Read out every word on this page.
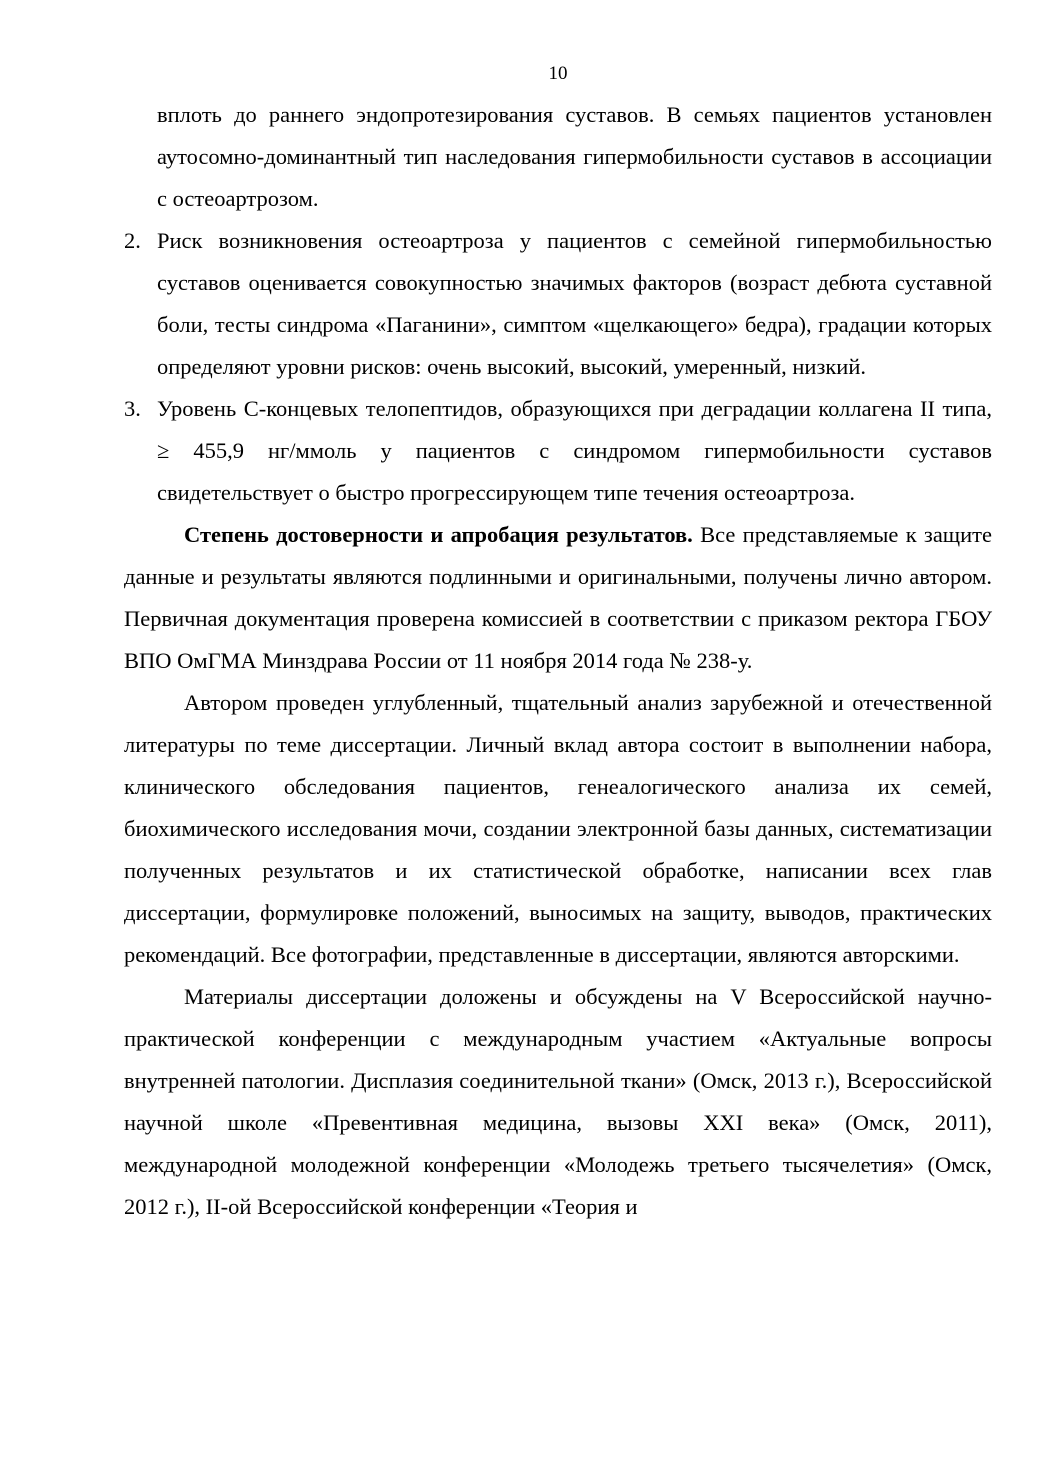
10

вплоть до раннего эндопротезирования суставов. В семьях пациентов установлен аутосомно-доминантный тип наследования гипермобильности суставов в ассоциации с остеоартрозом.

2. Риск возникновения остеоартроза у пациентов с семейной гипермобильностью суставов оценивается совокупностью значимых факторов (возраст дебюта суставной боли, тесты синдрома «Паганини», симптом «щелкающего» бедра), градации которых определяют уровни рисков: очень высокий, высокий, умеренный, низкий.

3. Уровень С-концевых телопептидов, образующихся при деградации коллагена II типа, ≥ 455,9 нг/ммоль у пациентов с синдромом гипермобильности суставов свидетельствует о быстро прогрессирующем типе течения остеоартроза.

Степень достоверности и апробация результатов. Все представляемые к защите данные и результаты являются подлинными и оригинальными, получены лично автором. Первичная документация проверена комиссией в соответствии с приказом ректора ГБОУ ВПО ОмГМА Минздрава России от 11 ноября 2014 года № 238-у.

Автором проведен углубленный, тщательный анализ зарубежной и отечественной литературы по теме диссертации. Личный вклад автора состоит в выполнении набора, клинического обследования пациентов, генеалогического анализа их семей, биохимического исследования мочи, создании электронной базы данных, систематизации полученных результатов и их статистической обработке, написании всех глав диссертации, формулировке положений, выносимых на защиту, выводов, практических рекомендаций. Все фотографии, представленные в диссертации, являются авторскими.

Материалы диссертации доложены и обсуждены на V Всероссийской научно-практической конференции с международным участием «Актуальные вопросы внутренней патологии. Дисплазия соединительной ткани» (Омск, 2013 г.), Всероссийской научной школе «Превентивная медицина, вызовы XXI века» (Омск, 2011), международной молодежной конференции «Молодежь третьего тысячелетия» (Омск, 2012 г.), II-ой Всероссийской конференции «Теория и
